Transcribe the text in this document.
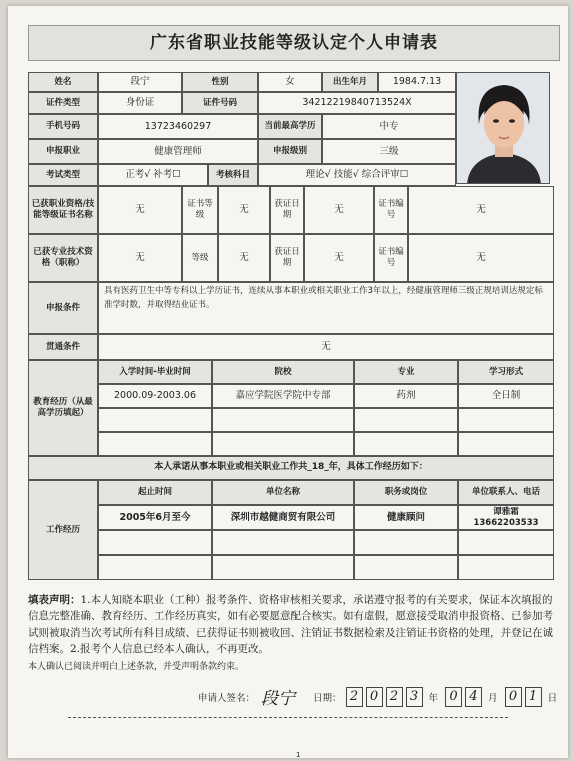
广东省职业技能等级认定个人申请表
姓名	段宁	性别	女	出生年月	1984.7.13
证件类型	身份证	证件号码	34212219840713524X
手机号码	13723460297	当前最高学历	中专
申报职业	健康管理师	申报级别	三级
考试类型	正考√ 补考☐	考核科目	理论√ 技能√ 综合评审☐
已获职业资格/技能等级证书名称	无	证书等级	无	获证日期	无	证书编号	无
已获专业技术资格（职称）	无	等级	无	获证日期	无	证书编号	无
申报条件
具有医药卫生中等专科以上学历证书，连续从事本职业或相关职业工作3年以上，经健康管理师三级正规培训达规定标准学时数，并取得结业证书。
贯通条件	无
教育经历（从最高学历填起）
入学时间-毕业时间	院校	专业	学习形式
2000.09-2003.06	嘉应学院医学院中专部	药剂	全日制
本人承诺从事本职业或相关职业工作共_18_年，具体工作经历如下：
工作经历
起止时间	单位名称	职务或岗位	单位联系人、电话
2005年6月至今	深圳市越健商贸有限公司	健康顾问	谭雅霜 13662203533
填表声明：1.本人知晓本职业（工种）报考条件、资格审核相关要求，承诺遵守报考的有关要求，保证本次填报的信息完整准确、教育经历、工作经历真实，如有必要愿意配合核实。如有虚假，愿意接受取消申报资格、已参加考试则被取消当次考试所有科目成绩、已获得证书则被收回、注销证书数据检索及注销证书资格的处理，并登记在诚信档案。2.报考个人信息已经本人确认，不再更改。
本人确认已阅读并明白上述条款，并受声明条款约束。
申请人签名： 段宁 日期： 2 0 2 3	年 0 4	月 0 1	日
1
